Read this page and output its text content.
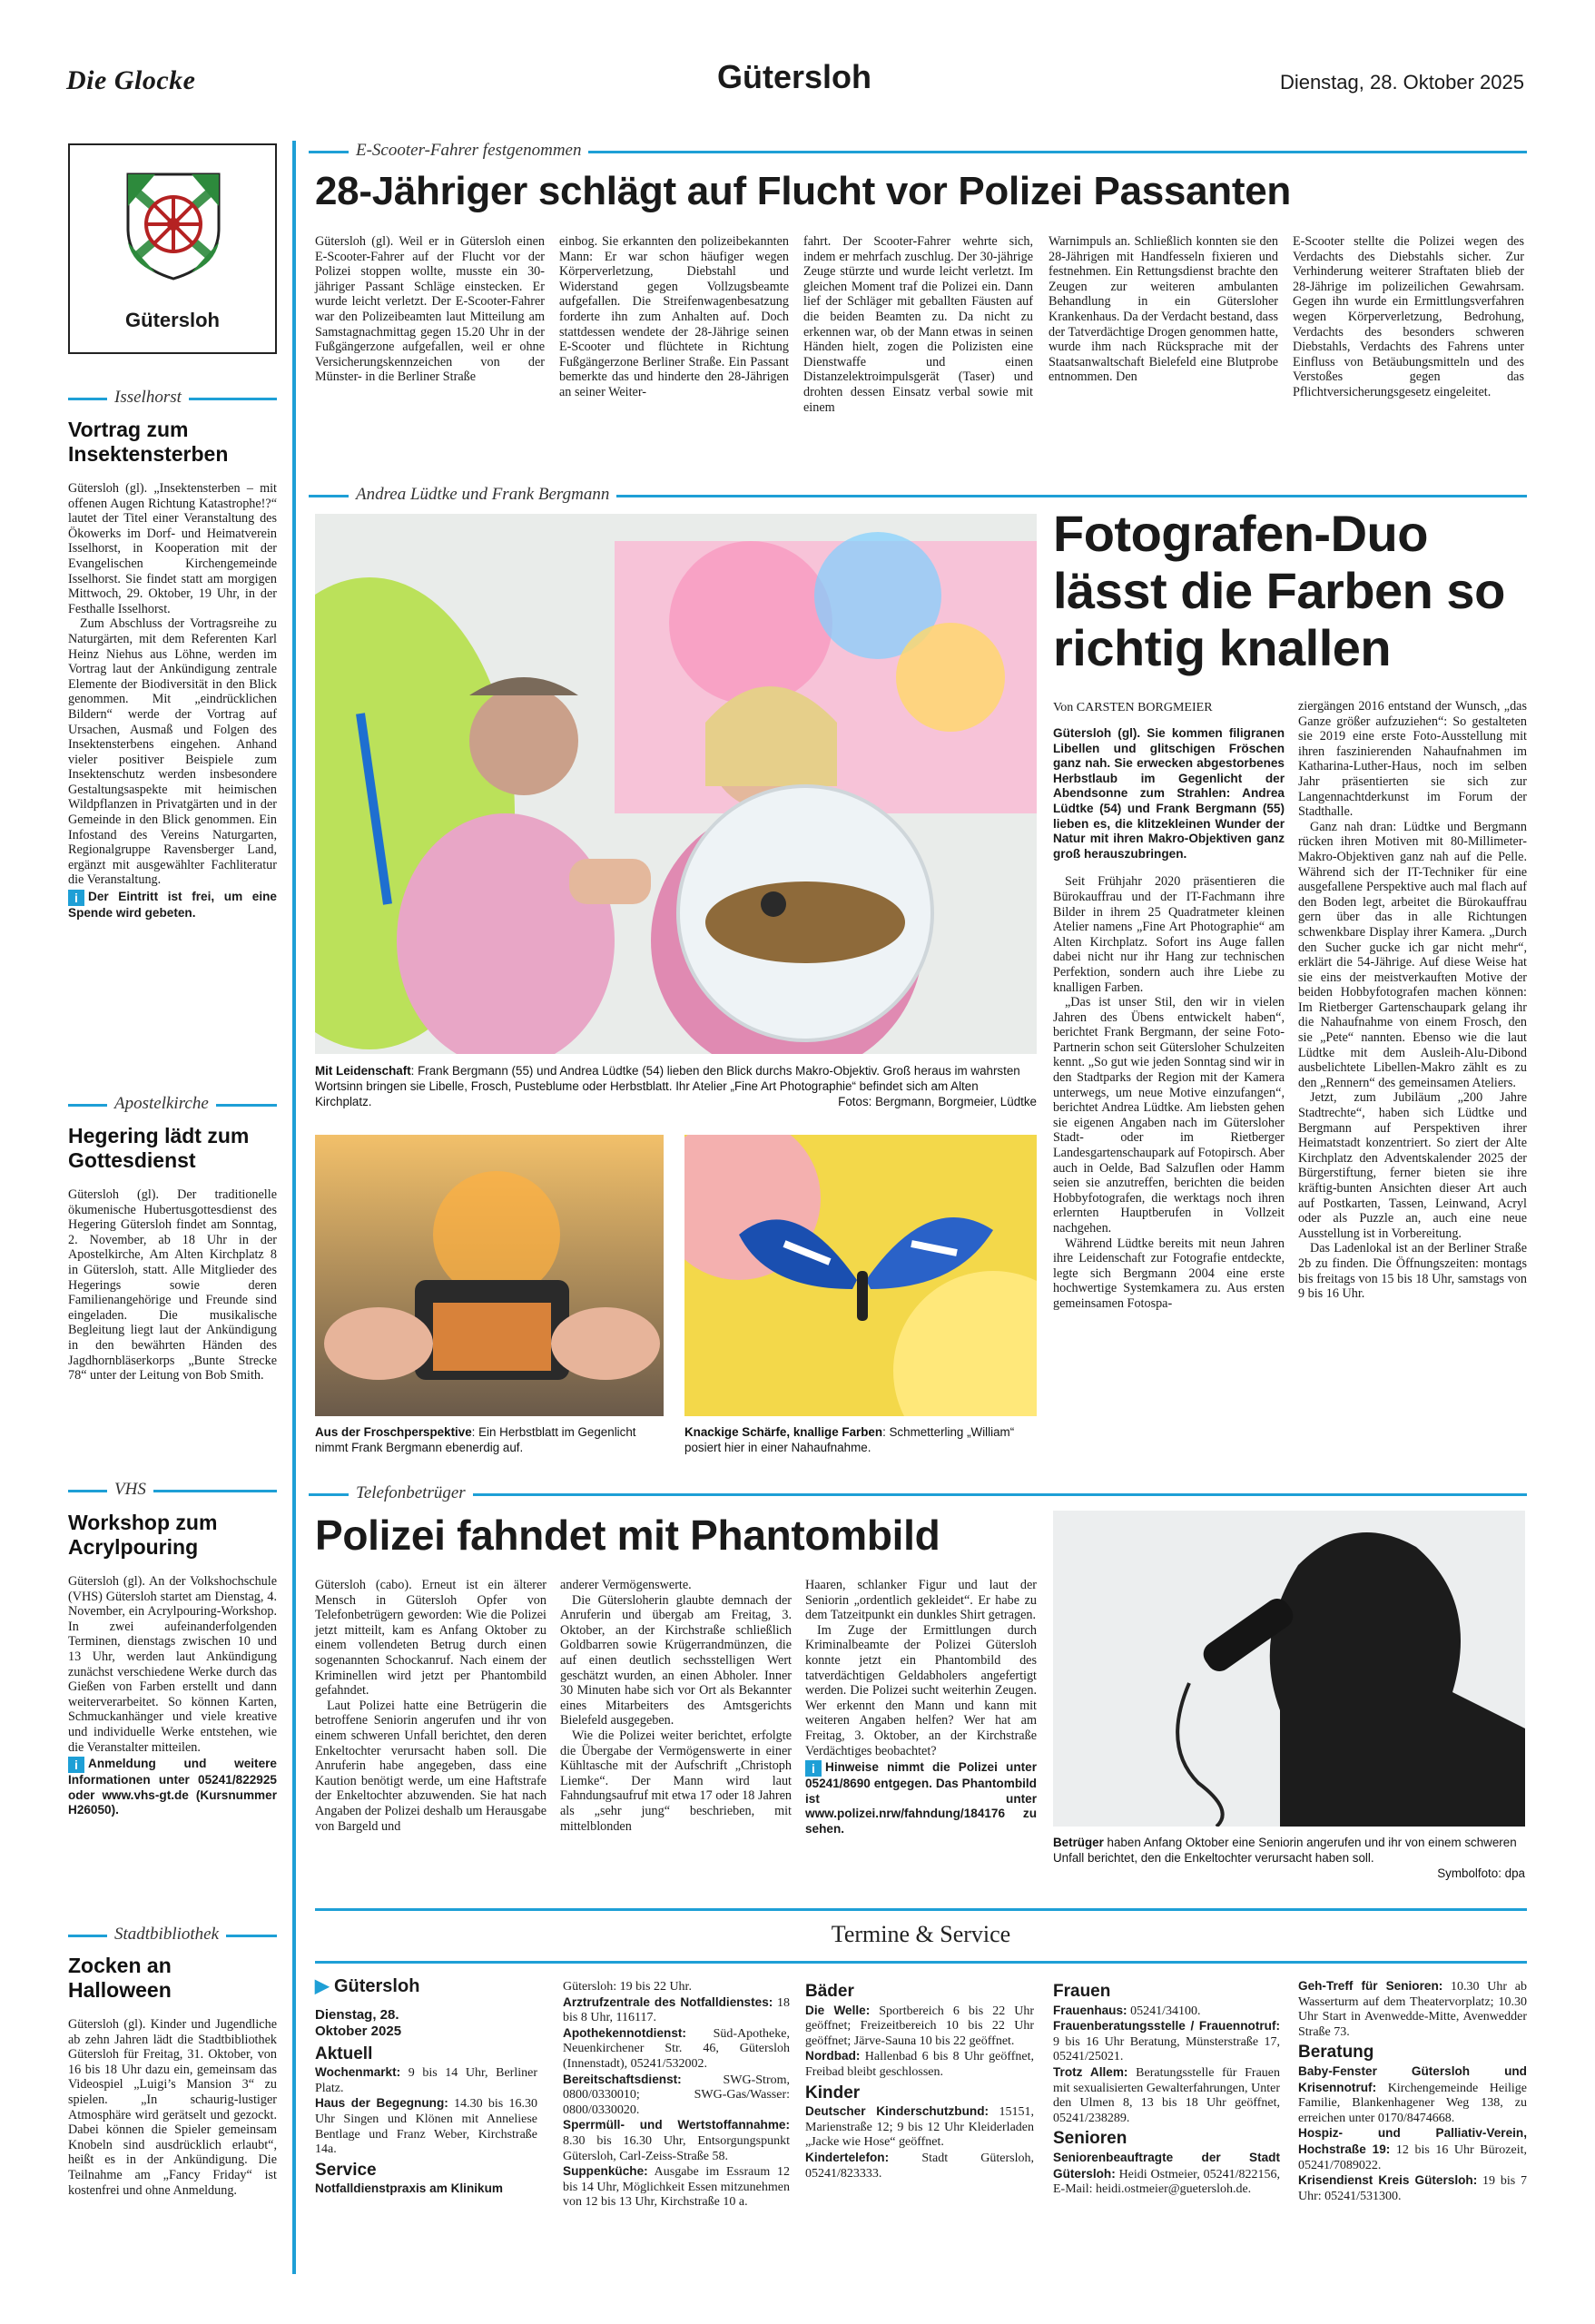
Die Glocke	Gütersloh	Dienstag, 28. Oktober 2025
Gütersloh
Isselhorst
Vortrag zum Insektensterben

Gütersloh (gl). „Insektensterben – mit offenen Augen Richtung Katastrophe!?“ lautet der Titel einer Veranstaltung des Ökowerks im Dorf- und Heimatverein Isselhorst, in Kooperation mit der Evangelischen Kirchengemeinde Isselhorst. Sie findet statt am morgigen Mittwoch, 29. Oktober, 19 Uhr, in der Festhalle Isselhorst.

Zum Abschluss der Vortragsreihe zu Naturgärten, mit dem Referenten Karl Heinz Niehus aus Löhne, werden im Vortrag laut der Ankündigung zentrale Elemente der Biodiversität in den Blick genommen. Mit „eindrücklichen Bildern“ werde der Vortrag auf Ursachen, Ausmaß und Folgen des Insektensterbens eingehen. Anhand vieler positiver Beispiele zum Insektenschutz werden insbesondere Gestaltungsaspekte mit heimischen Wildpflanzen in Privatgärten und in der Gemeinde in den Blick genommen. Ein Infostand des Vereins Naturgarten, Regionalgruppe Ravensberger Land, ergänzt mit ausgewählter Fachliteratur die Veranstaltung.

i Der Eintritt ist frei, um eine Spende wird gebeten.

Apostelkirche
Hegering lädt zum Gottesdienst

Gütersloh (gl). Der traditionelle ökumenische Hubertusgottesdienst des Hegering Gütersloh findet am Sonntag, 2. November, ab 18 Uhr in der Apostelkirche, Am Alten Kirchplatz 8 in Gütersloh, statt. Alle Mitglieder des Hegerings sowie deren Familienangehörige und Freunde sind eingeladen. Die musikalische Begleitung liegt laut der Ankündigung in den bewährten Händen des Jagdhornbläserkorps „Bunte Strecke 78“ unter der Leitung von Bob Smith.

VHS
Workshop zum Acrylpouring

Gütersloh (gl). An der Volkshochschule (VHS) Gütersloh startet am Dienstag, 4. November, ein Acrylpouring-Workshop. In zwei aufeinanderfolgenden Terminen, dienstags zwischen 10 und 13 Uhr, werden laut Ankündigung zunächst verschiedene Werke durch das Gießen von Farben erstellt und dann weiterverarbeitet. So können Karten, Schmuckanhänger und viele kreative und individuelle Werke entstehen, wie die Veranstalter mitteilen.

i Anmeldung und weitere Informationen unter 05241/822925 oder www.vhs-gt.de (Kursnummer H26050).

Stadtbibliothek
Zocken an Halloween

Gütersloh (gl). Kinder und Jugendliche ab zehn Jahren lädt die Stadtbibliothek Gütersloh für Freitag, 31. Oktober, von 16 bis 18 Uhr dazu ein, gemeinsam das Videospiel „Luigi’s Mansion 3“ zu spielen. „In schaurig-lustiger Atmosphäre wird gerätselt und gezockt. Dabei können die Spieler gemeinsam Knobeln sind ausdrücklich erlaubt“, heißt es in der Ankündigung. Die Teilnahme am „Fancy Friday“ ist kostenfrei und ohne Anmeldung.

E-Scooter-Fahrer festgenommen
28-Jähriger schlägt auf Flucht vor Polizei Passanten
Gütersloh (gl). Weil er in Gütersloh einen E-Scooter-Fahrer auf der Flucht vor der Polizei stoppen wollte, musste ein 30-jähriger Passant Schläge einstecken. Er wurde leicht verletzt. Der E-Scooter-Fahrer war den Polizeibeamten laut Mitteilung am Samstagnachmittag gegen 15.20 Uhr in der Fußgängerzone aufgefallen, weil er ohne Versicherungskennzeichen von der Münster- in die Berliner Straße
einbog. Sie erkannten den polizeibekannten Mann: Er war schon häufiger wegen Körperverletzung, Diebstahl und Widerstand gegen Vollzugsbeamte aufgefallen. Die Streifenwagenbesatzung forderte ihn zum Anhalten auf. Doch stattdessen wendete der 28-Jährige seinen E-Scooter und flüchtete in Richtung Fußgängerzone Berliner Straße. Ein Passant bemerkte das und hinderte den 28-Jährigen an seiner Weiter-
fahrt. Der Scooter-Fahrer wehrte sich, indem er mehrfach zuschlug. Der 30-jährige Zeuge stürzte und wurde leicht verletzt. Im gleichen Moment traf die Polizei ein. Dann lief der Schläger mit geballten Fäusten auf die beiden Beamten zu. Da nicht zu erkennen war, ob der Mann etwas in seinen Händen hielt, zogen die Polizisten eine Dienstwaffe und einen Distanzelektroimpulsgerät (Taser) und drohten dessen Einsatz verbal sowie mit einem
Warnimpuls an. Schließlich konnten sie den 28-Jährigen mit Handfesseln fixieren und festnehmen. Ein Rettungsdienst brachte den Zeugen zur weiteren ambulanten Behandlung in ein Gütersloher Krankenhaus. Da der Verdacht bestand, dass der Tatverdächtige Drogen genommen hatte, wurde ihm nach Rücksprache mit der Staatsanwaltschaft Bielefeld eine Blutprobe entnommen. Den
E-Scooter stellte die Polizei wegen des Verdachts des Diebstahls sicher. Zur Verhinderung weiterer Straftaten blieb der 28-Jährige im polizeilichen Gewahrsam. Gegen ihn wurde ein Ermittlungsverfahren wegen Körperverletzung, Bedrohung, Verdachts des besonders schweren Diebstahls, Verdachts des Fahrens unter Einfluss von Betäubungsmitteln und des Verstoßes gegen das Pflichtversicherungsgesetz eingeleitet.
Andrea Lüdtke und Frank Bergmann
Mit Leidenschaft: Frank Bergmann (55) und Andrea Lüdtke (54) lieben den Blick durchs Makro-Objektiv. Groß heraus im wahrsten Wortsinn bringen sie Libelle, Frosch, Pusteblume oder Herbstblatt. Ihr Atelier „Fine Art Photographie“ befindet sich am Alten Kirchplatz.	Fotos: Bergmann, Borgmeier, Lüdtke
Aus der Froschperspektive: Ein Herbstblatt im Gegenlicht nimmt Frank Bergmann ebenerdig auf.
Knackige Schärfe, knallige Farben: Schmetterling „William“ posiert hier in einer Nahaufnahme.
Fotografen-Duo lässt die Farben so richtig knallen
Von CARSTEN BORGMEIER

Gütersloh (gl). Sie kommen filigranen Libellen und glitschigen Fröschen ganz nah. Sie erwecken abgestorbenes Herbstlaub im Gegenlicht der Abendsonne zum Strahlen: Andrea Lüdtke (54) und Frank Bergmann (55) lieben es, die klitzekleinen Wunder der Natur mit ihren Makro-Objektiven ganz groß herauszubringen.

Seit Frühjahr 2020 präsentieren die Bürokauffrau und der IT-Fachmann ihre Bilder in ihrem 25 Quadratmeter kleinen Atelier namens „Fine Art Photographie“ am Alten Kirchplatz. Sofort ins Auge fallen dabei nicht nur ihr Hang zur technischen Perfektion, sondern auch ihre Liebe zu knalligen Farben.

„Das ist unser Stil, den wir in vielen Jahren des Übens entwickelt haben“, berichtet Frank Bergmann, der seine Foto-Partnerin schon seit Gütersloher Schulzeiten kennt. „So gut wie jeden Sonntag sind wir in den Stadtparks der Region mit der Kamera unterwegs, um neue Motive einzufangen“, berichtet Andrea Lüdtke. Am liebsten gehen sie eigenen Angaben nach im Gütersloher Stadt- oder im Rietberger Landesgartenschaupark auf Fotopirsch. Aber auch in Oelde, Bad Salzuflen oder Hamm seien sie anzutreffen, berichten die beiden Hobbyfotografen, die werktags noch ihren erlernten Hauptberufen in Vollzeit nachgehen.

Während Lüdtke bereits mit neun Jahren ihre Leidenschaft zur Fotografie entdeckte, legte sich Bergmann 2004 eine erste hochwertige Systemkamera zu. Aus ersten gemeinsamen Fotospa-

ziergängen 2016 entstand der Wunsch, „das Ganze größer aufzuziehen“: So gestalteten sie 2019 eine erste Foto-Ausstellung mit ihren faszinierenden Nahaufnahmen im Katharina-Luther-Haus, noch im selben Jahr präsentierten sie sich zur Langennachtderkunst im Forum der Stadthalle.

Ganz nah dran: Lüdtke und Bergmann rücken ihren Motiven mit 80-Millimeter-Makro-Objektiven ganz nah auf die Pelle. Während sich der IT-Techniker für eine ausgefallene Perspektive auch mal flach auf den Boden legt, arbeitet die Bürokauffrau gern über das in alle Richtungen schwenkbare Display ihrer Kamera. „Durch den Sucher gucke ich gar nicht mehr“, erklärt die 54-Jährige. Auf diese Weise hat sie eins der meistverkauften Motive der beiden Hobbyfotografen machen können: Im Rietberger Gartenschaupark gelang ihr die Nahaufnahme von einem Frosch, den sie „Pete“ nannten. Ebenso wie die laut Lüdtke mit dem Ausleih-Alu-Dibond ausbelichtete Libellen-Makro zählt es zu den „Rennern“ des gemeinsamen Ateliers.

Jetzt, zum Jubiläum „200 Jahre Stadtrechte“, haben sich Lüdtke und Bergmann auf Perspektiven ihrer Heimatstadt konzentriert. So ziert der Alte Kirchplatz den Adventskalender 2025 der Bürgerstiftung, ferner bieten sie ihre kräftig-bunten Ansichten dieser Art auch auf Postkarten, Tassen, Leinwand, Acryl oder als Puzzle an, auch eine neue Ausstellung ist in Vorbereitung.

Das Ladenlokal ist an der Berliner Straße 2b zu finden. Die Öffnungszeiten: montags bis freitags von 15 bis 18 Uhr, samstags von 9 bis 16 Uhr.

Telefonbetrüger
Polizei fahndet mit Phantombild

Gütersloh (cabo). Erneut ist ein älterer Mensch in Gütersloh Opfer von Telefonbetrügern geworden: Wie die Polizei jetzt mitteilt, kam es Anfang Oktober zu einem vollendeten Betrug durch einen sogenannten Schockanruf. Nach einem der Kriminellen wird jetzt per Phantombild gefahndet.

Laut Polizei hatte eine Betrügerin die betroffene Seniorin angerufen und ihr von einem schweren Unfall berichtet, den deren Enkeltochter verursacht haben soll. Die Anruferin habe angegeben, dass eine Kaution benötigt werde, um eine Haftstrafe der Enkeltochter abzuwenden. Sie hat nach Angaben der Polizei deshalb um Herausgabe von Bargeld und

anderer Vermögenswerte.

Die Gütersloherin glaubte demnach der Anruferin und übergab am Freitag, 3. Oktober, an der Kirchstraße schließlich Goldbarren sowie Krügerrandmünzen, die auf einen deutlich sechsstelligen Wert geschätzt wurden, an einen Abholer. Inner 30 Minuten habe sich vor Ort als Bekannter eines Mitarbeiters des Amtsgerichts Bielefeld ausgegeben.

Wie die Polizei weiter berichtet, erfolgte die Übergabe der Vermögenswerte in einer Kühltasche mit der Aufschrift „Christoph Liemke“. Der Mann wird laut Fahndungsaufruf mit etwa 17 oder 18 Jahren als „sehr jung“ beschrieben, mit mittelblonden

Haaren, schlanker Figur und laut der Seniorin „ordentlich gekleidet“. Er habe zu dem Tatzeitpunkt ein dunkles Shirt getragen.

Im Zuge der Ermittlungen durch Kriminalbeamte der Polizei Gütersloh konnte jetzt ein Phantombild des tatverdächtigen Geldabholers angefertigt werden. Die Polizei sucht weiterhin Zeugen. Wer erkennt den Mann und kann mit weiteren Angaben helfen? Wer hat am Freitag, 3. Oktober, an der Kirchstraße Verdächtiges beobachtet?

i Hinweise nimmt die Polizei unter 05241/8690 entgegen. Das Phantombild ist unter www.polizei.nrw/fahndung/184176 zu sehen.

Betrüger haben Anfang Oktober eine Seniorin angerufen und ihr von einem schweren Unfall berichtet, den die Enkeltochter verursacht haben soll.
Symbolfoto: dpa
Termine & Service
▶ Gütersloh
Dienstag, 28. Oktober 2025
Aktuell
Wochenmarkt: 9 bis 14 Uhr, Berliner Platz.
Haus der Begegnung: 14.30 bis 16.30 Uhr Singen und Klönen mit Anneliese Bentlage und Franz Weber, Kirchstraße 14a.
Service
Notfalldienstpraxis am Klinikum
Gütersloh: 19 bis 22 Uhr.
Arztrufzentrale des Notfalldienstes: 18 bis 8 Uhr, 116117.
Apothekennotdienst: Süd-Apotheke, Neuenkirchener Str. 46, Gütersloh (Innenstadt), 05241/532002.
Bereitschaftsdienst: SWG-Strom, 0800/0330010; SWG-Gas/Wasser: 0800/0330020.
Sperrmüll- und Wertstoffannahme: 8.30 bis 16.30 Uhr, Entsorgungspunkt Gütersloh, Carl-Zeiss-Straße 58.
Suppenküche: Ausgabe im Essraum 12 bis 14 Uhr, Möglichkeit Essen mitzunehmen von 12 bis 13 Uhr, Kirchstraße 10 a.
Bäder
Die Welle: Sportbereich 6 bis 22 Uhr geöffnet; Freizeitbereich 10 bis 22 Uhr geöffnet; Järve-Sauna 10 bis 22 geöffnet.
Nordbad: Hallenbad 6 bis 8 Uhr geöffnet, Freibad bleibt geschlossen.
Kinder
Deutscher Kinderschutzbund: 15151, Marienstraße 12; 9 bis 12 Uhr Kleiderladen „Jacke wie Hose“ geöffnet.
Kindertelefon: Stadt Gütersloh, 05241/823333.
Frauen
Frauenhaus: 05241/34100.
Frauenberatungsstelle / Frauennotruf: 9 bis 16 Uhr Beratung, Münsterstraße 17, 05241/25021.
Trotz Allem: Beratungsstelle für Frauen mit sexualisierten Gewalterfahrungen, Unter den Ulmen 8, 13 bis 18 Uhr geöffnet, 05241/238289.
Senioren
Seniorenbeauftragte der Stadt Gütersloh: Heidi Ostmeier, 05241/822156, E-Mail: heidi.ostmeier@guetersloh.de.
Geh-Treff für Senioren: 10.30 Uhr ab Wasserturm auf dem Theatervorplatz; 10.30 Uhr Start in Avenwedde-Mitte, Avenwedder Straße 73.
Beratung
Baby-Fenster Gütersloh und Krisennotruf: Kirchengemeinde Heilige Familie, Blankenhagener Weg 138, zu erreichen unter 0170/8474668.
Hospiz- und Palliativ-Verein, Hochstraße 19: 12 bis 16 Uhr Bürozeit, 05241/7089022.
Krisendienst Kreis Gütersloh: 19 bis 7 Uhr: 05241/531300.
